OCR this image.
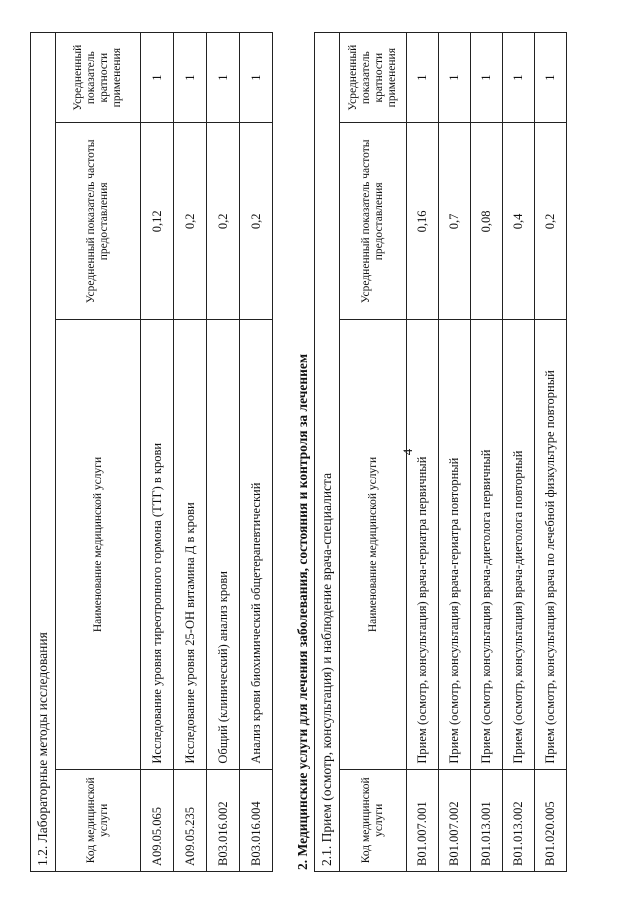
4
1.2. Лабораторные методы исследования			
Код медицинской услуги	Наименование медицинской услуги	Усредненный показатель частоты предоставления	Усредненный показатель кратности применения
A09.05.065	Исследование уровня тиреотропного гормона (ТТГ) в крови	0,12	1
A09.05.235	Исследование уровня 25-ОН витамина Д в крови	0,2	1
B03.016.002	Общий (клинический) анализ крови	0,2	1
B03.016.004	Анализ крови биохимический общетерапевтический	0,2	1
2. Медицинские услуги для лечения заболевания, состояния и контроля за лечением 2.1. Прием (осмотр, консультация) и наблюдение врача-специалиста			
Код медицинской услуги	Наименование медицинской услуги	Усредненный показатель частоты предоставления	Усредненный показатель кратности применения
B01.007.001	Прием (осмотр, консультация) врача-гериатра первичный	0,16	1
B01.007.002	Прием (осмотр, консультация) врача-гериатра повторный	0,7	1
B01.013.001	Прием (осмотр, консультация) врача-диетолога первичный	0,08	1
B01.013.002	Прием (осмотр, консультация) врача-диетолога повторный	0,4	1
B01.020.005	Прием (осмотр, консультация) врача по лечебной физкультуре повторный	0,2	1
